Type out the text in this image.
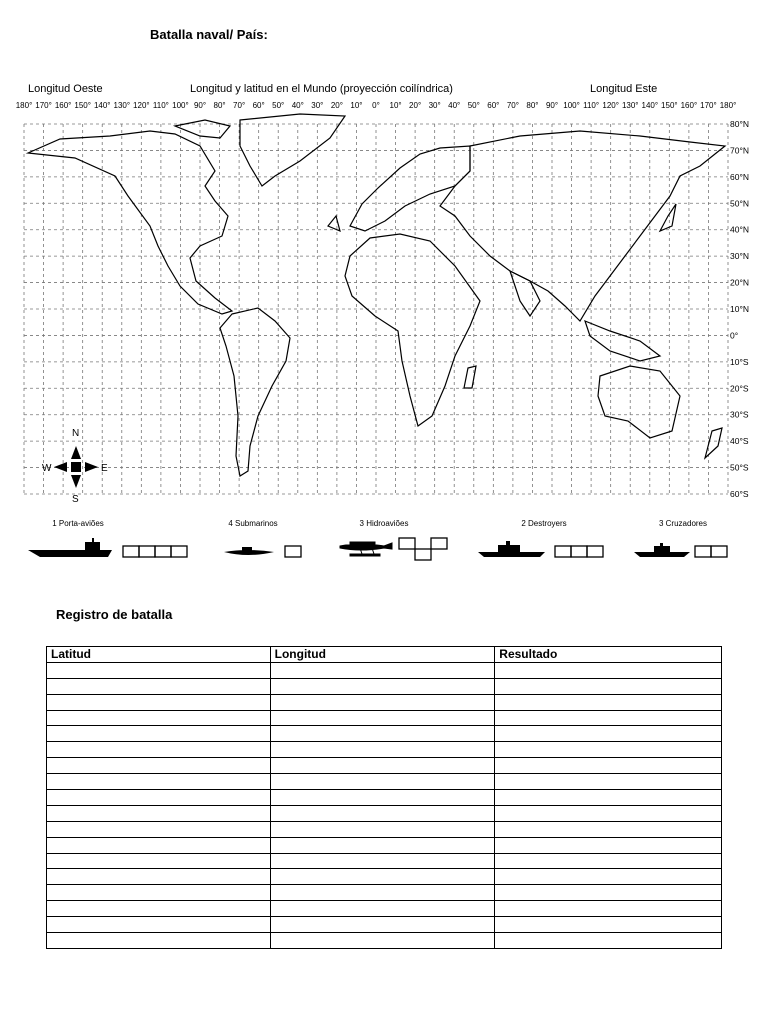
Batalla naval/ País:
Longitud Oeste	Longitud y latitud en el Mundo (proyección coilíndrica)	Longitud Este
180° 170° 160° 150° 140° 130° 120° 110° 100° 90° 80° 70° 60° 50° 40° 30° 20° 10° 0° 10° 20° 30° 40° 50° 60° 70° 80° 90° 100° 110° 120° 130° 140° 150° 160° 170° 180°
80°N
70°N
60°N
50°N
40°N
30°N
20°N
10°N
0°
10°S
20°S
30°S
40°S
50°S
60°S
N
S
W	E
1 Porta-aviões	4 Submarinos	3 Hidroaviões	2 Destroyers	3 Cruzadores
Registro de batalla
Latitud	Longitud	Resultado
